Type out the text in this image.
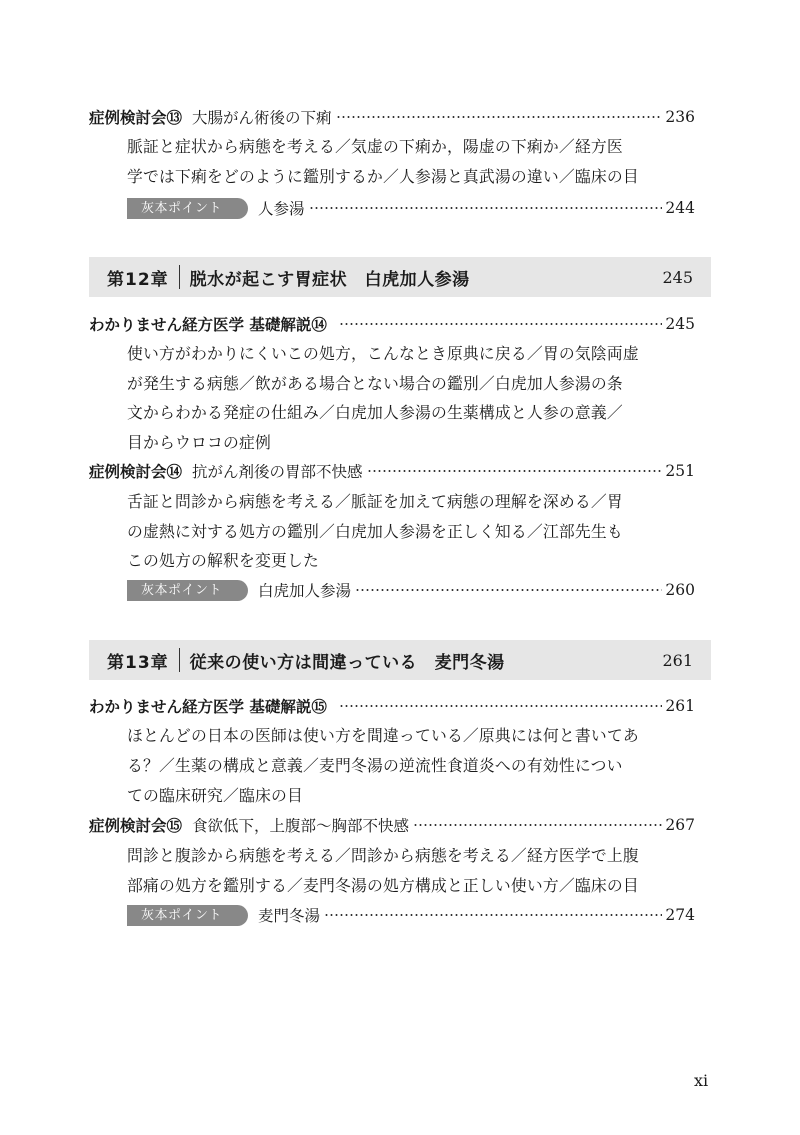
症例検討会⑬ 大腸がん術後の下痢	236
脈証と症状から病態を考える／気虚の下痢か，陽虚の下痢か／経方医
学では下痢をどのように鑑別するか／人参湯と真武湯の違い／臨床の目
灰本ポイント	人参湯	244
第12章 脱水が起こす胃症状　白虎加人参湯	245
わかりません経方医学 基礎解説⑭	245
使い方がわかりにくいこの処方，こんなとき原典に戻る／胃の気陰両虚
が発生する病態／飲がある場合とない場合の鑑別／白虎加人参湯の条
文からわかる発症の仕組み／白虎加人参湯の生薬構成と人参の意義／
目からウロコの症例
症例検討会⑭ 抗がん剤後の胃部不快感	251
舌証と問診から病態を考える／脈証を加えて病態の理解を深める／胃
の虚熱に対する処方の鑑別／白虎加人参湯を正しく知る／江部先生も
この処方の解釈を変更した
灰本ポイント	白虎加人参湯	260
第13章 従来の使い方は間違っている　麦門冬湯	261
わかりません経方医学 基礎解説⑮	261
ほとんどの日本の医師は使い方を間違っている／原典には何と書いてあ
る？／生薬の構成と意義／麦門冬湯の逆流性食道炎への有効性につい
ての臨床研究／臨床の目
症例検討会⑮ 食欲低下，上腹部〜胸部不快感	267
問診と腹診から病態を考える／問診から病態を考える／経方医学で上腹
部痛の処方を鑑別する／麦門冬湯の処方構成と正しい使い方／臨床の目
灰本ポイント	麦門冬湯	274
xi
